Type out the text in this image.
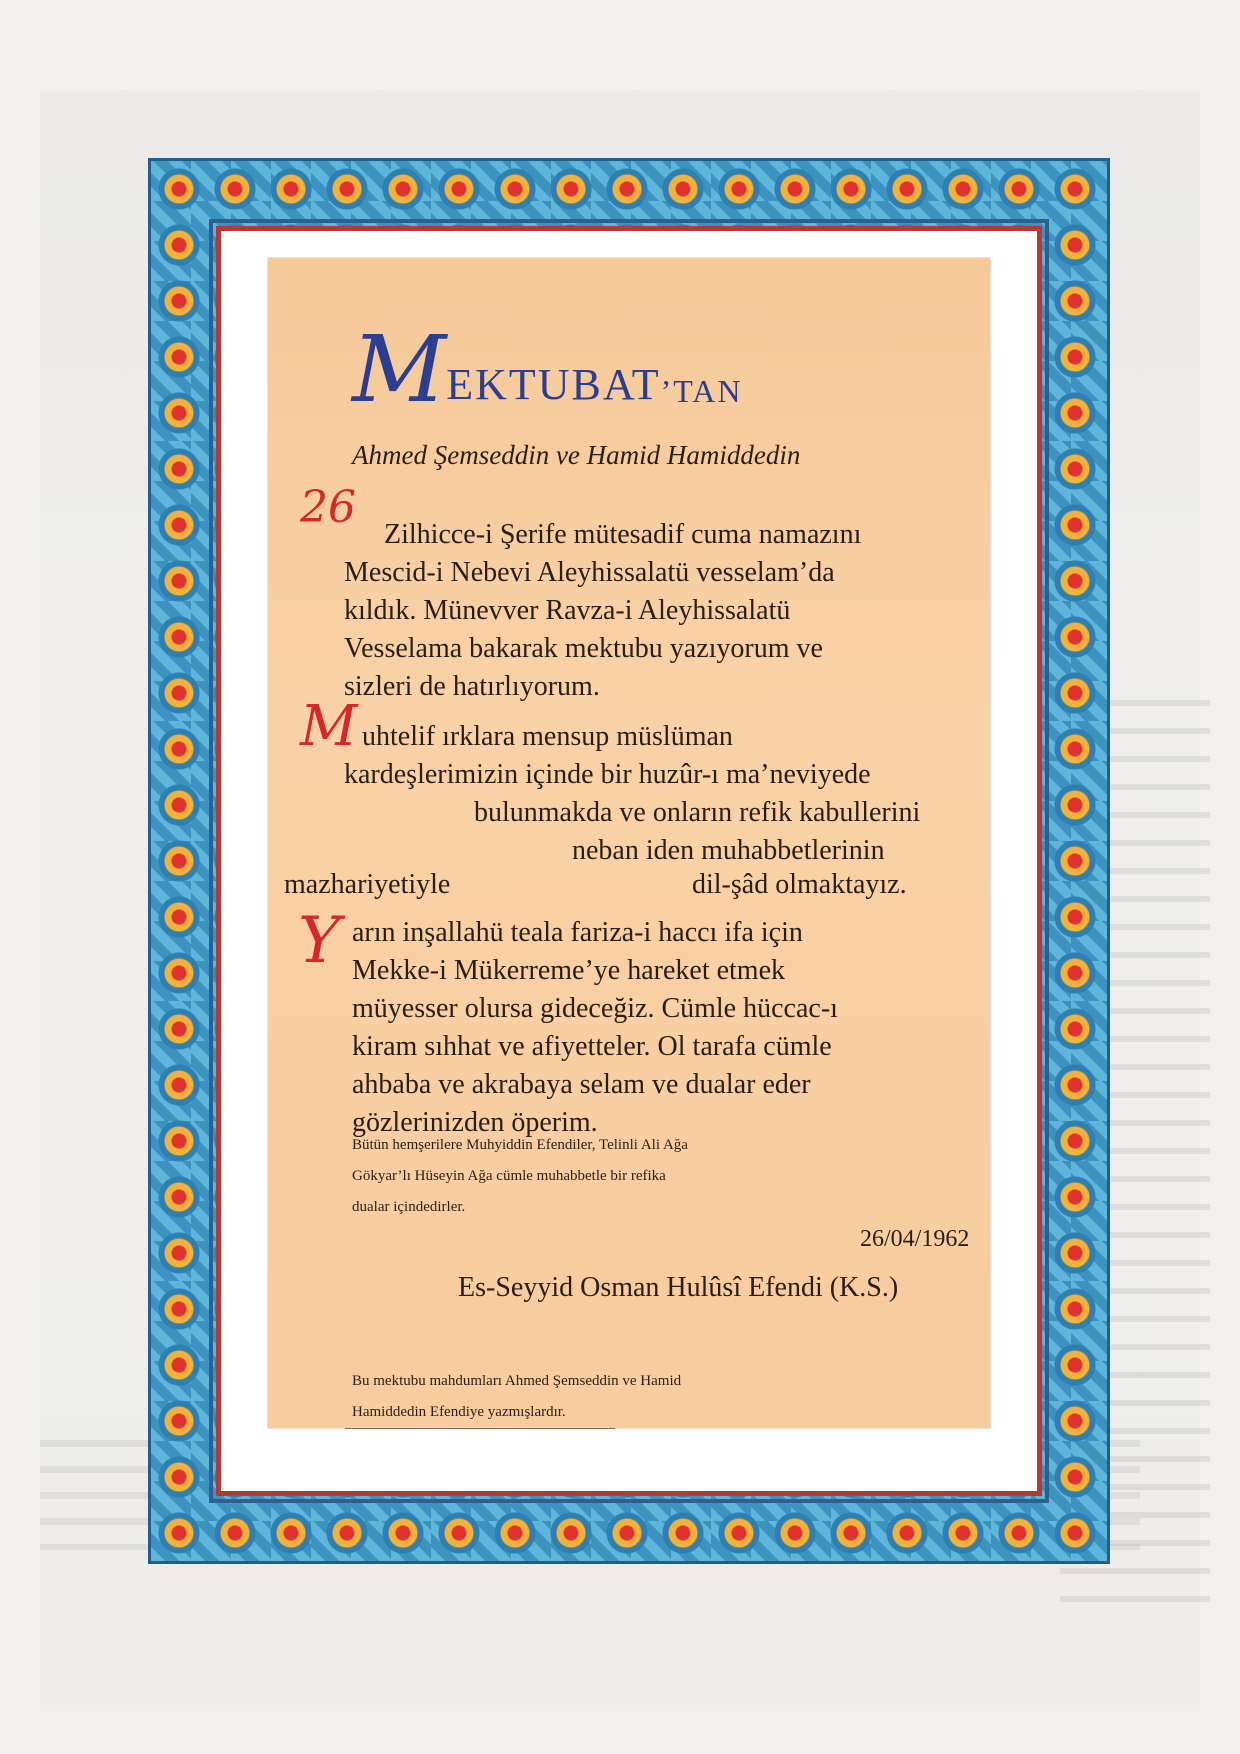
MEKTUBAT’TAN
Ahmed Şemseddin ve Hamid Hamiddedin
26
Zilhicce-i Şerife mütesadif cuma namazını
Mescid-i Nebevi Aleyhissalatü vesselam’da
kıldık. Münevver Ravza-i Aleyhissalatü
Vesselama bakarak mektubu yazıyorum ve
sizleri de hatırlıyorum.
M uhtelif ırklara mensup müslüman
kardeşlerimizin içinde bir huzûr-ı ma’neviyede
bulunmakda ve onların refik kabullerini
neban iden muhabbetlerinin
mazhariyetiyle	dil-şâd olmaktayız.
Y arın inşallahü teala fariza-i haccı ifa için
Mekke-i Mükerreme’ye hareket etmek
müyesser olursa gideceğiz. Cümle hüccac-ı
kiram sıhhat ve afiyetteler. Ol tarafa cümle
ahbaba ve akrabaya selam ve dualar eder
gözlerinizden öperim.
Bütün hemşerilere Muhyiddin Efendiler, Telinli Ali Ağa
Gökyar’lı Hüseyin Ağa cümle muhabbetle bir refika
dualar içindedirler.
26/04/1962
Es-Seyyid Osman Hulûsî Efendi (K.S.)
Bu mektubu mahdumları Ahmed Şemseddin ve Hamid
Hamiddedin Efendiye yazmışlardır.
